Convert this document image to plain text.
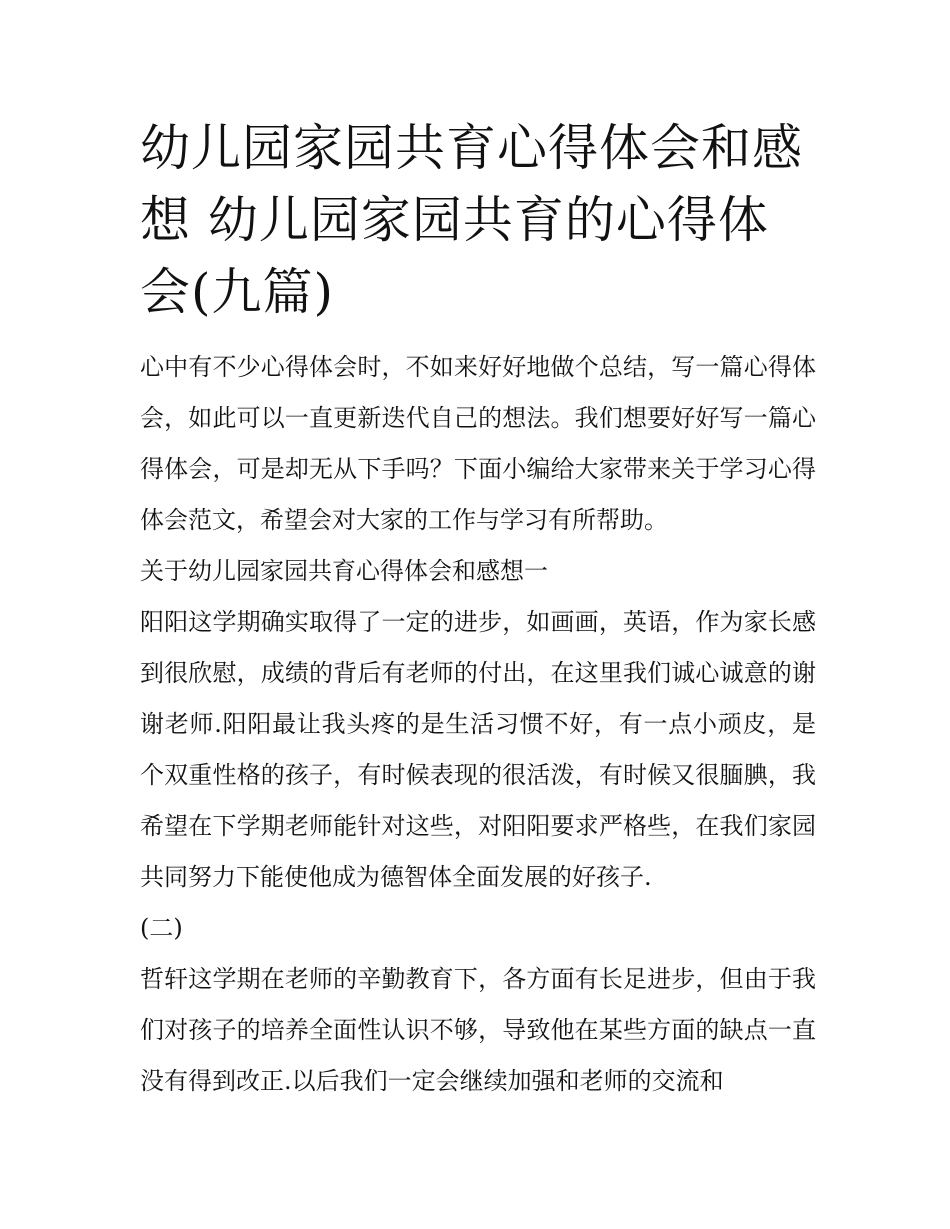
幼儿园家园共育心得体会和感想 幼儿园家园共育的心得体会(九篇)

心中有不少心得体会时，不如来好好地做个总结，写一篇心得体会，如此可以一直更新迭代自己的想法。我们想要好好写一篇心得体会，可是却无从下手吗？下面小编给大家带来关于学习心得体会范文，希望会对大家的工作与学习有所帮助。

关于幼儿园家园共育心得体会和感想一

阳阳这学期确实取得了一定的进步，如画画，英语，作为家长感到很欣慰，成绩的背后有老师的付出，在这里我们诚心诚意的谢谢老师.阳阳最让我头疼的是生活习惯不好，有一点小顽皮，是个双重性格的孩子，有时候表现的很活泼，有时候又很腼腆，我希望在下学期老师能针对这些，对阳阳要求严格些，在我们家园共同努力下能使他成为德智体全面发展的好孩子.

(二)

哲轩这学期在老师的辛勤教育下，各方面有长足进步，但由于我们对孩子的培养全面性认识不够，导致他在某些方面的缺点一直没有得到改正.以后我们一定会继续加强和老师的交流和
